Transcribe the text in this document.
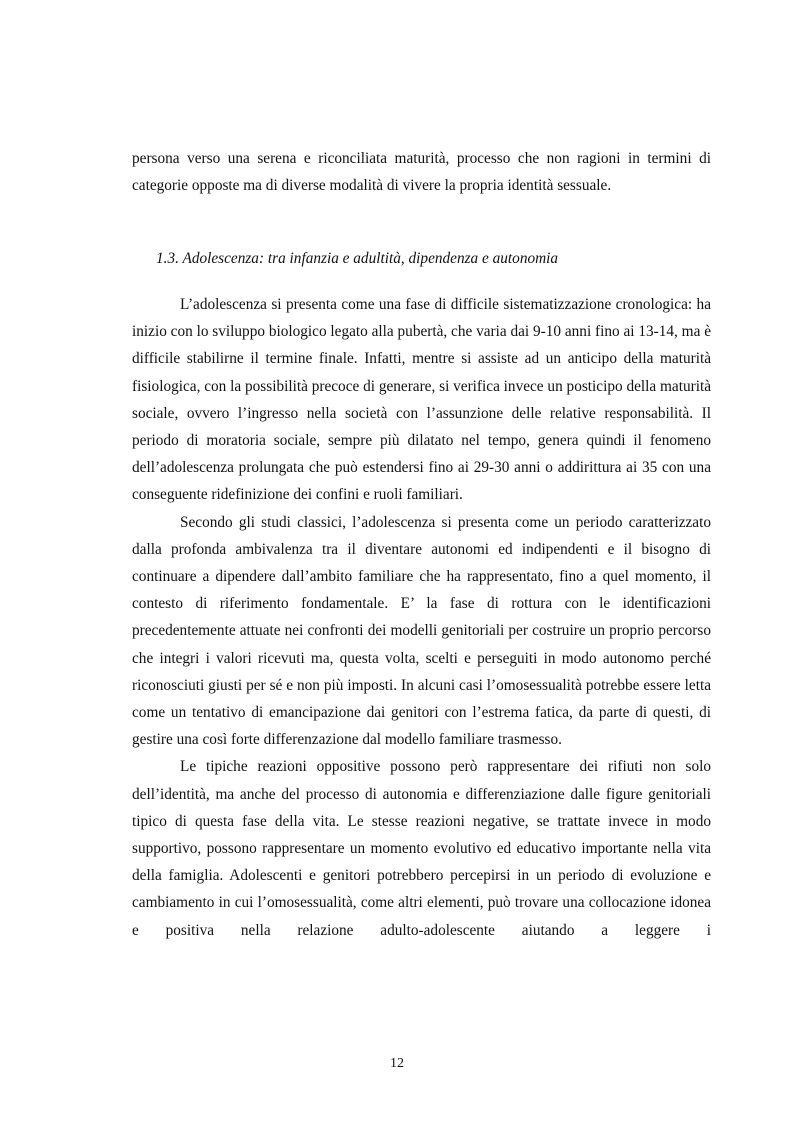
persona verso una serena e riconciliata maturità, processo che non ragioni in termini di categorie opposte ma di diverse modalità di vivere la propria identità sessuale.

1.3. Adolescenza: tra infanzia e adultità, dipendenza e autonomia

L’adolescenza si presenta come una fase di difficile sistematizzazione cronologica: ha inizio con lo sviluppo biologico legato alla pubertà, che varia dai 9-10 anni fino ai 13-14, ma è difficile stabilirne il termine finale. Infatti, mentre si assiste ad un anticipo della maturità fisiologica, con la possibilità precoce di generare, si verifica invece un posticipo della maturità sociale, ovvero l’ingresso nella società con l’assunzione delle relative responsabilità. Il periodo di moratoria sociale, sempre più dilatato nel tempo, genera quindi il fenomeno dell’adolescenza prolungata che può estendersi fino ai 29-30 anni o addirittura ai 35 con una conseguente ridefinizione dei confini e ruoli familiari.

Secondo gli studi classici, l’adolescenza si presenta come un periodo caratterizzato dalla profonda ambivalenza tra il diventare autonomi ed indipendenti e il bisogno di continuare a dipendere dall’ambito familiare che ha rappresentato, fino a quel momento, il contesto di riferimento fondamentale. E’ la fase di rottura con le identificazioni precedentemente attuate nei confronti dei modelli genitoriali per costruire un proprio percorso che integri i valori ricevuti ma, questa volta, scelti e perseguiti in modo autonomo perché riconosciuti giusti per sé e non più imposti. In alcuni casi l’omosessualità potrebbe essere letta come un tentativo di emancipazione dai genitori con l’estrema fatica, da parte di questi, di gestire una così forte differenzazione dal modello familiare trasmesso.

Le tipiche reazioni oppositive possono però rappresentare dei rifiuti non solo dell’identità, ma anche del processo di autonomia e differenziazione dalle figure genitoriali tipico di questa fase della vita. Le stesse reazioni negative, se trattate invece in modo supportivo, possono rappresentare un momento evolutivo ed educativo importante nella vita della famiglia. Adolescenti e genitori potrebbero percepirsi in un periodo di evoluzione e cambiamento in cui l’omosessualità, come altri elementi, può trovare una collocazione idonea e positiva nella relazione adulto-adolescente aiutando a leggere i

12
